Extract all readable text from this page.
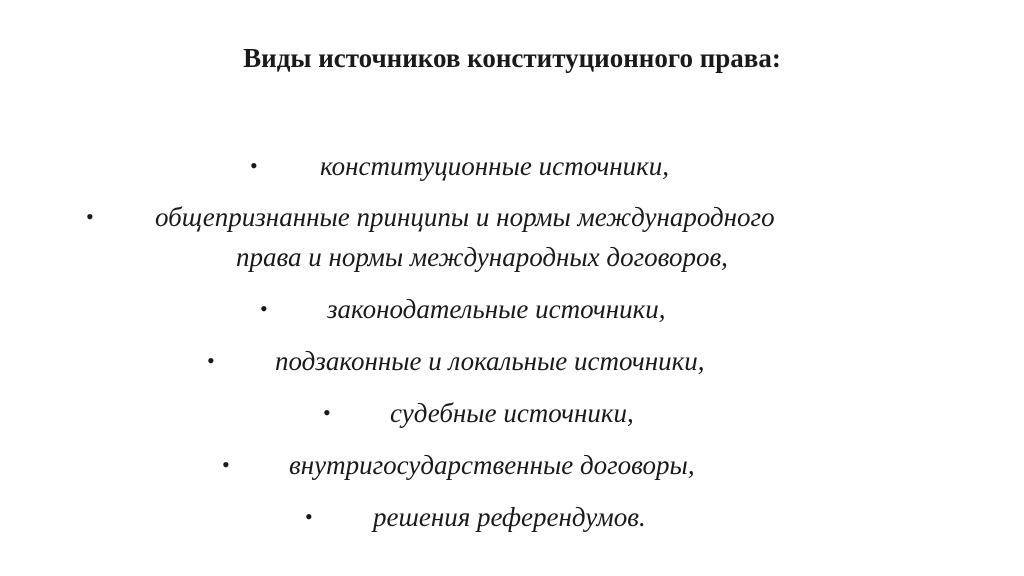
Виды источников конституционного права:
• конституционные источники,
• общепризнанные принципы и нормы международного
права и нормы международных договоров,
• законодательные источники,
• подзаконные и локальные источники,
• судебные источники,
• внутригосударственные договоры,
• решения референдумов.
